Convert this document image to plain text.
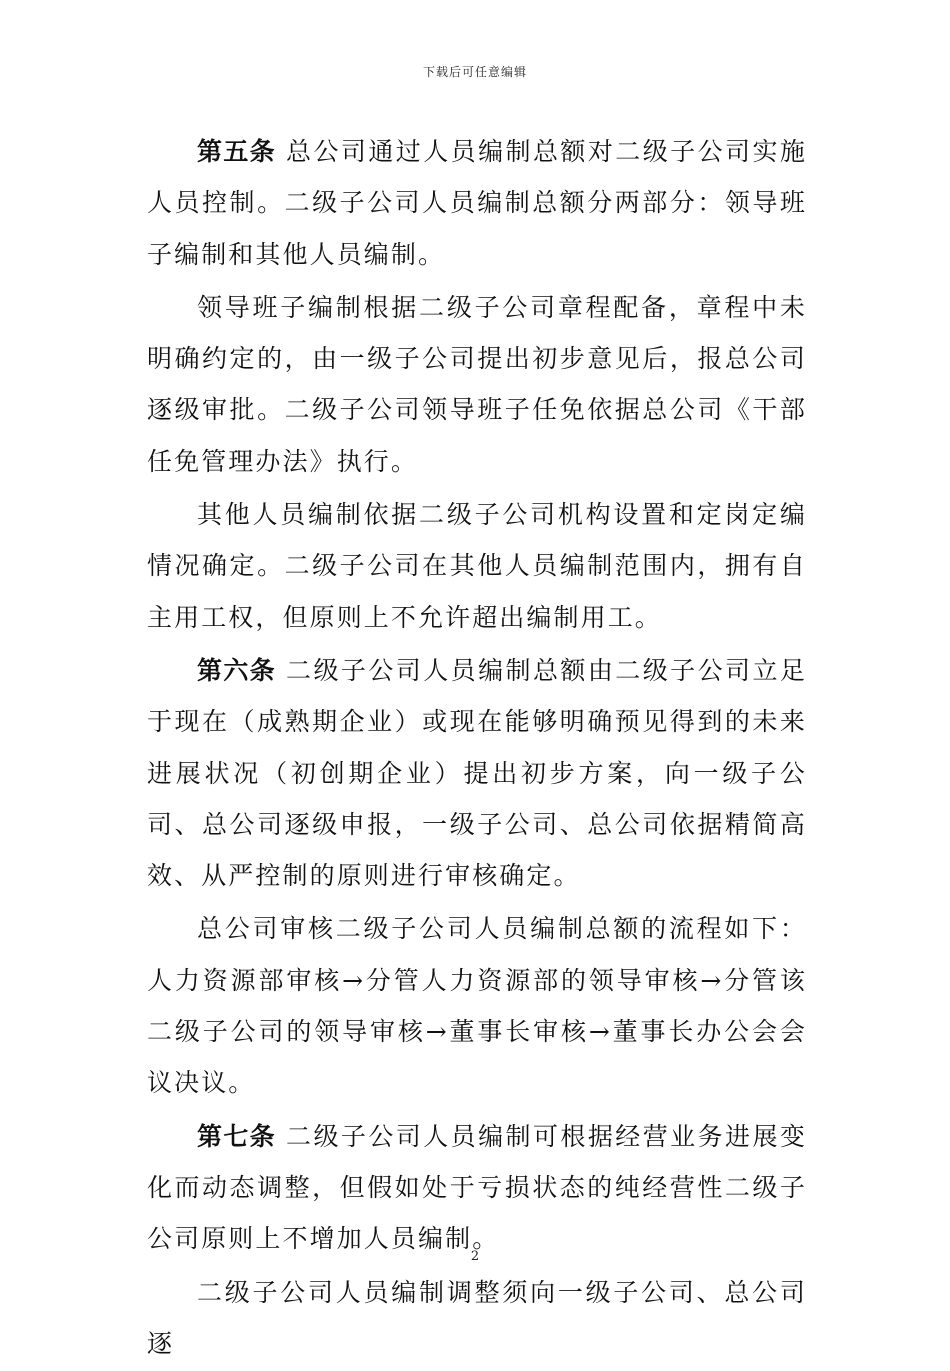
下载后可任意编辑

第五条 总公司通过人员编制总额对二级子公司实施人员控制。二级子公司人员编制总额分两部分：领导班子编制和其他人员编制。

领导班子编制根据二级子公司章程配备，章程中未明确约定的，由一级子公司提出初步意见后，报总公司逐级审批。二级子公司领导班子任免依据总公司《干部任免管理办法》执行。

其他人员编制依据二级子公司机构设置和定岗定编情况确定。二级子公司在其他人员编制范围内，拥有自主用工权，但原则上不允许超出编制用工。

第六条 二级子公司人员编制总额由二级子公司立足于现在（成熟期企业）或现在能够明确预见得到的未来进展状况（初创期企业）提出初步方案，向一级子公司、总公司逐级申报，一级子公司、总公司依据精简高效、从严控制的原则进行审核确定。

总公司审核二级子公司人员编制总额的流程如下：人力资源部审核→分管人力资源部的领导审核→分管该二级子公司的领导审核→董事长审核→董事长办公会会议决议。

第七条 二级子公司人员编制可根据经营业务进展变化而动态调整，但假如处于亏损状态的纯经营性二级子公司原则上不增加人员编制。

二级子公司人员编制调整须向一级子公司、总公司逐

2
